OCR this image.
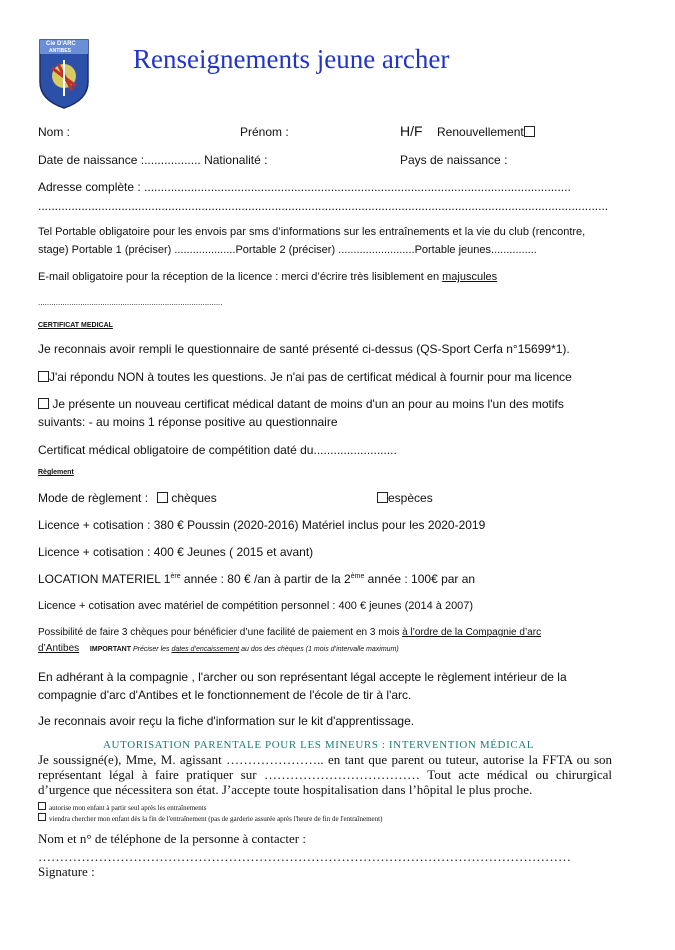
Cie D'ARC
ANTIBES Renseignements jeune archer
Nom :	Prénom :	H/F Renouvellement
Date de naissance :................. Nationalité :	Pays de naissance :
Adresse complète : ................................................................................................................................
...........................................................................................................................................................................
Tel Portable obligatoire pour les envois par sms d’informations sur les entraînements et la vie du club (rencontre,
stage) Portable 1 (préciser) ....................Portable 2 (préciser) .........................Portable jeunes...............
E-mail obligatoire pour la réception de la licence : merci d’écrire très lisiblement en majuscules
...................................................................................
CERTIFICAT MEDICAL
Je reconnais avoir rempli le questionnaire de santé présenté ci-dessus (QS-Sport Cerfa n°15699*1).
J'ai répondu NON à toutes les questions. Je n'ai pas de certificat médical à fournir pour ma licence
Je présente un nouveau certificat médical datant de moins d'un an pour au moins l'un des motifs
suivants: - au moins 1 réponse positive au questionnaire
Certificat médical obligatoire de compétition daté du.........................
Règlement
Mode de règlement :	chèques	espèces
Licence + cotisation : 380 € Poussin (2020-2016) Matériel inclus pour les 2020-2019
Licence + cotisation : 400 € Jeunes ( 2015 et avant)
LOCATION MATERIEL 1ère année : 80 € /an à partir de la 2ème année : 100€ par an
Licence + cotisation avec matériel de compétition personnel : 400 € jeunes (2014 à 2007)
Possibilité de faire 3 chèques pour bénéficier d’une facilité de paiement en 3 mois à l’ordre de la Compagnie d’arc
d’Antibes IMPORTANT Préciser les dates d’encaissement au dos des chèques (1 mois d’intervalle maximum)
En adhérant à la compagnie , l'archer ou son représentant légal accepte le règlement intérieur de la
compagnie d'arc d'Antibes et le fonctionnement de l'école de tir à l'arc.
Je reconnais avoir reçu la fiche d'information sur le kit d'apprentissage.
AUTORISATION PARENTALE POUR LES MINEURS : INTERVENTION MÉDICAL
Je soussigné(e), Mme, M. agissant ………………….. en tant que parent ou tuteur, autorise la FFTA ou son représentant légal à faire pratiquer sur ……………………………… Tout acte médical ou chirurgical d’urgence que nécessitera son état. J’accepte toute hospitalisation dans l’hôpital le plus proche.
autorise mon enfant à partir seul après les entraînements
viendra chercher mon enfant dès la fin de l'entraînement (pas de garderie assurée après l'heure de fin de l'entraînement)
Nom et n° de téléphone de la personne à contacter :
……………………………………………………………………………………………………………
Signature :
